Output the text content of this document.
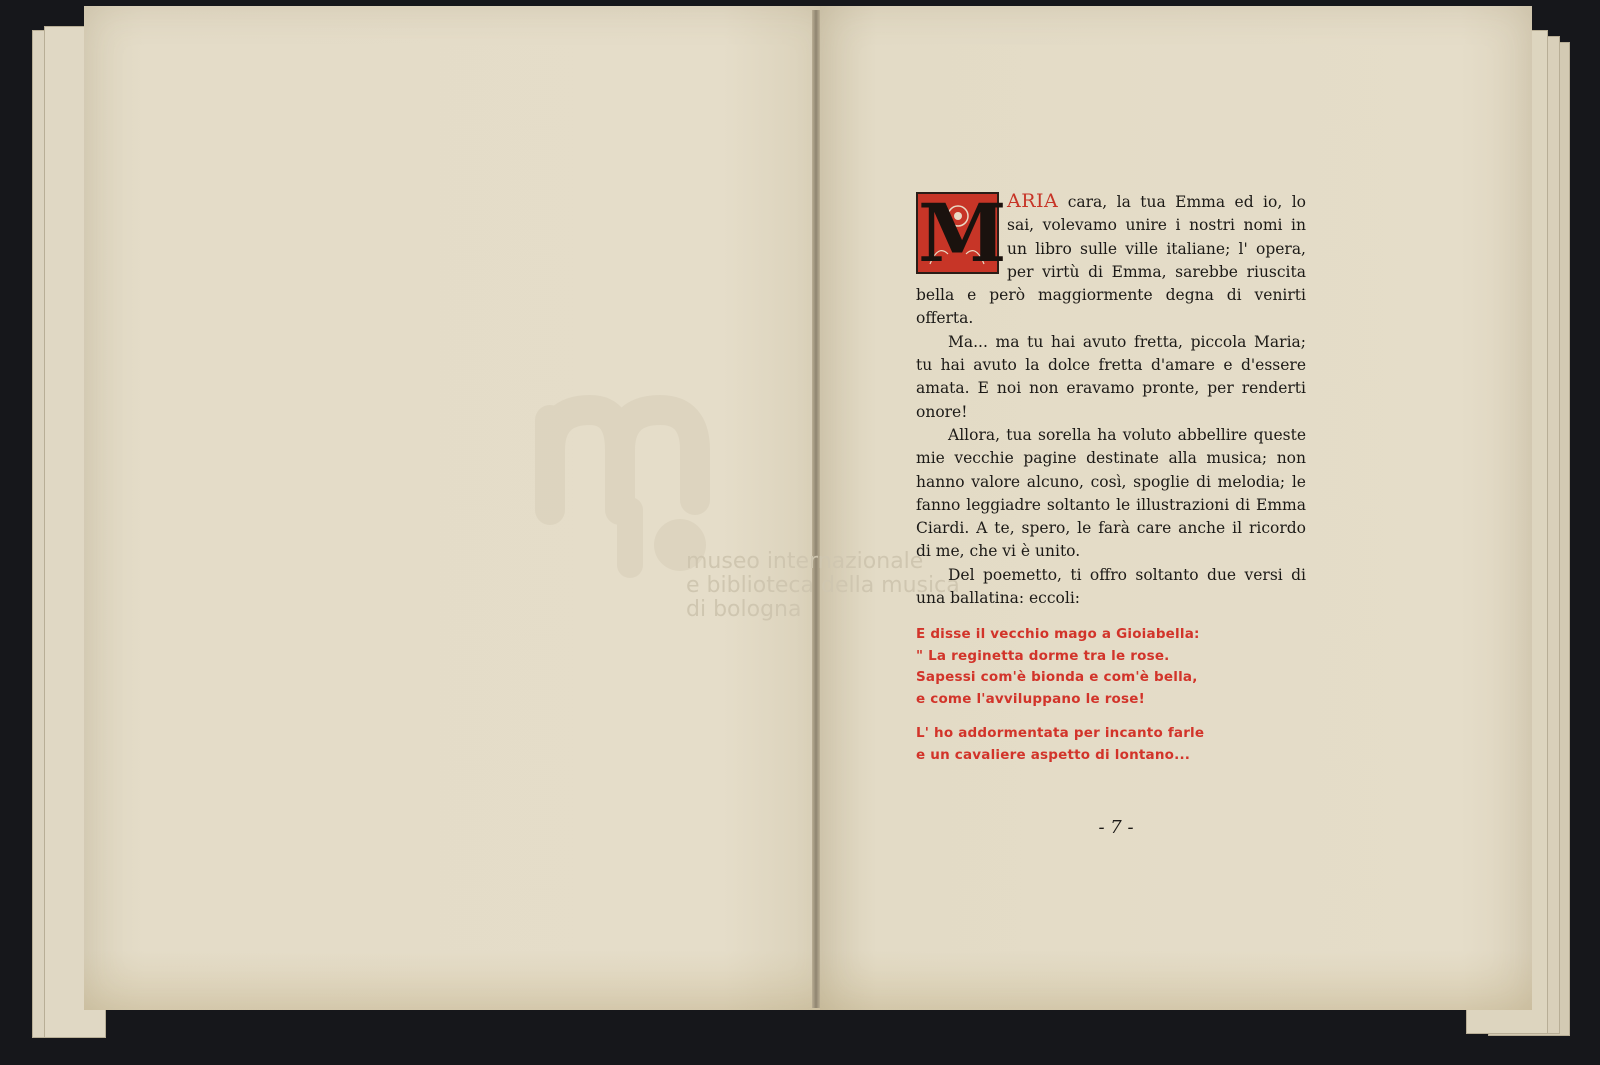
museo internazionale
e biblioteca della musica
di bologna

M ARIA cara, la tua Emma ed io, lo sai, volevamo unire i nostri nomi in un libro sulle ville italiane; l' opera, per virtù di Emma, sarebbe riuscita bella e però maggiormente degna di venirti offerta.

Ma... ma tu hai avuto fretta, piccola Maria; tu hai avuto la dolce fretta d'amare e d'essere amata. E noi non eravamo pronte, per renderti onore!

Allora, tua sorella ha voluto abbellire queste mie vecchie pagine destinate alla musica; non hanno valore alcuno, così, spoglie di melodia; le fanno leggiadre soltanto le illustrazioni di Emma Ciardi. A te, spero, le farà care anche il ricordo di me, che vi è unito.

Del poemetto, ti offro soltanto due versi di una ballatina: eccoli:

E disse il vecchio mago a Gioiabella:

" La reginetta dorme tra le rose.

Sapessi com'è bionda e com'è bella,

e come l'avviluppano le rose!

L' ho addormentata per incanto farle

e un cavaliere aspetto di lontano...

- 7 -
